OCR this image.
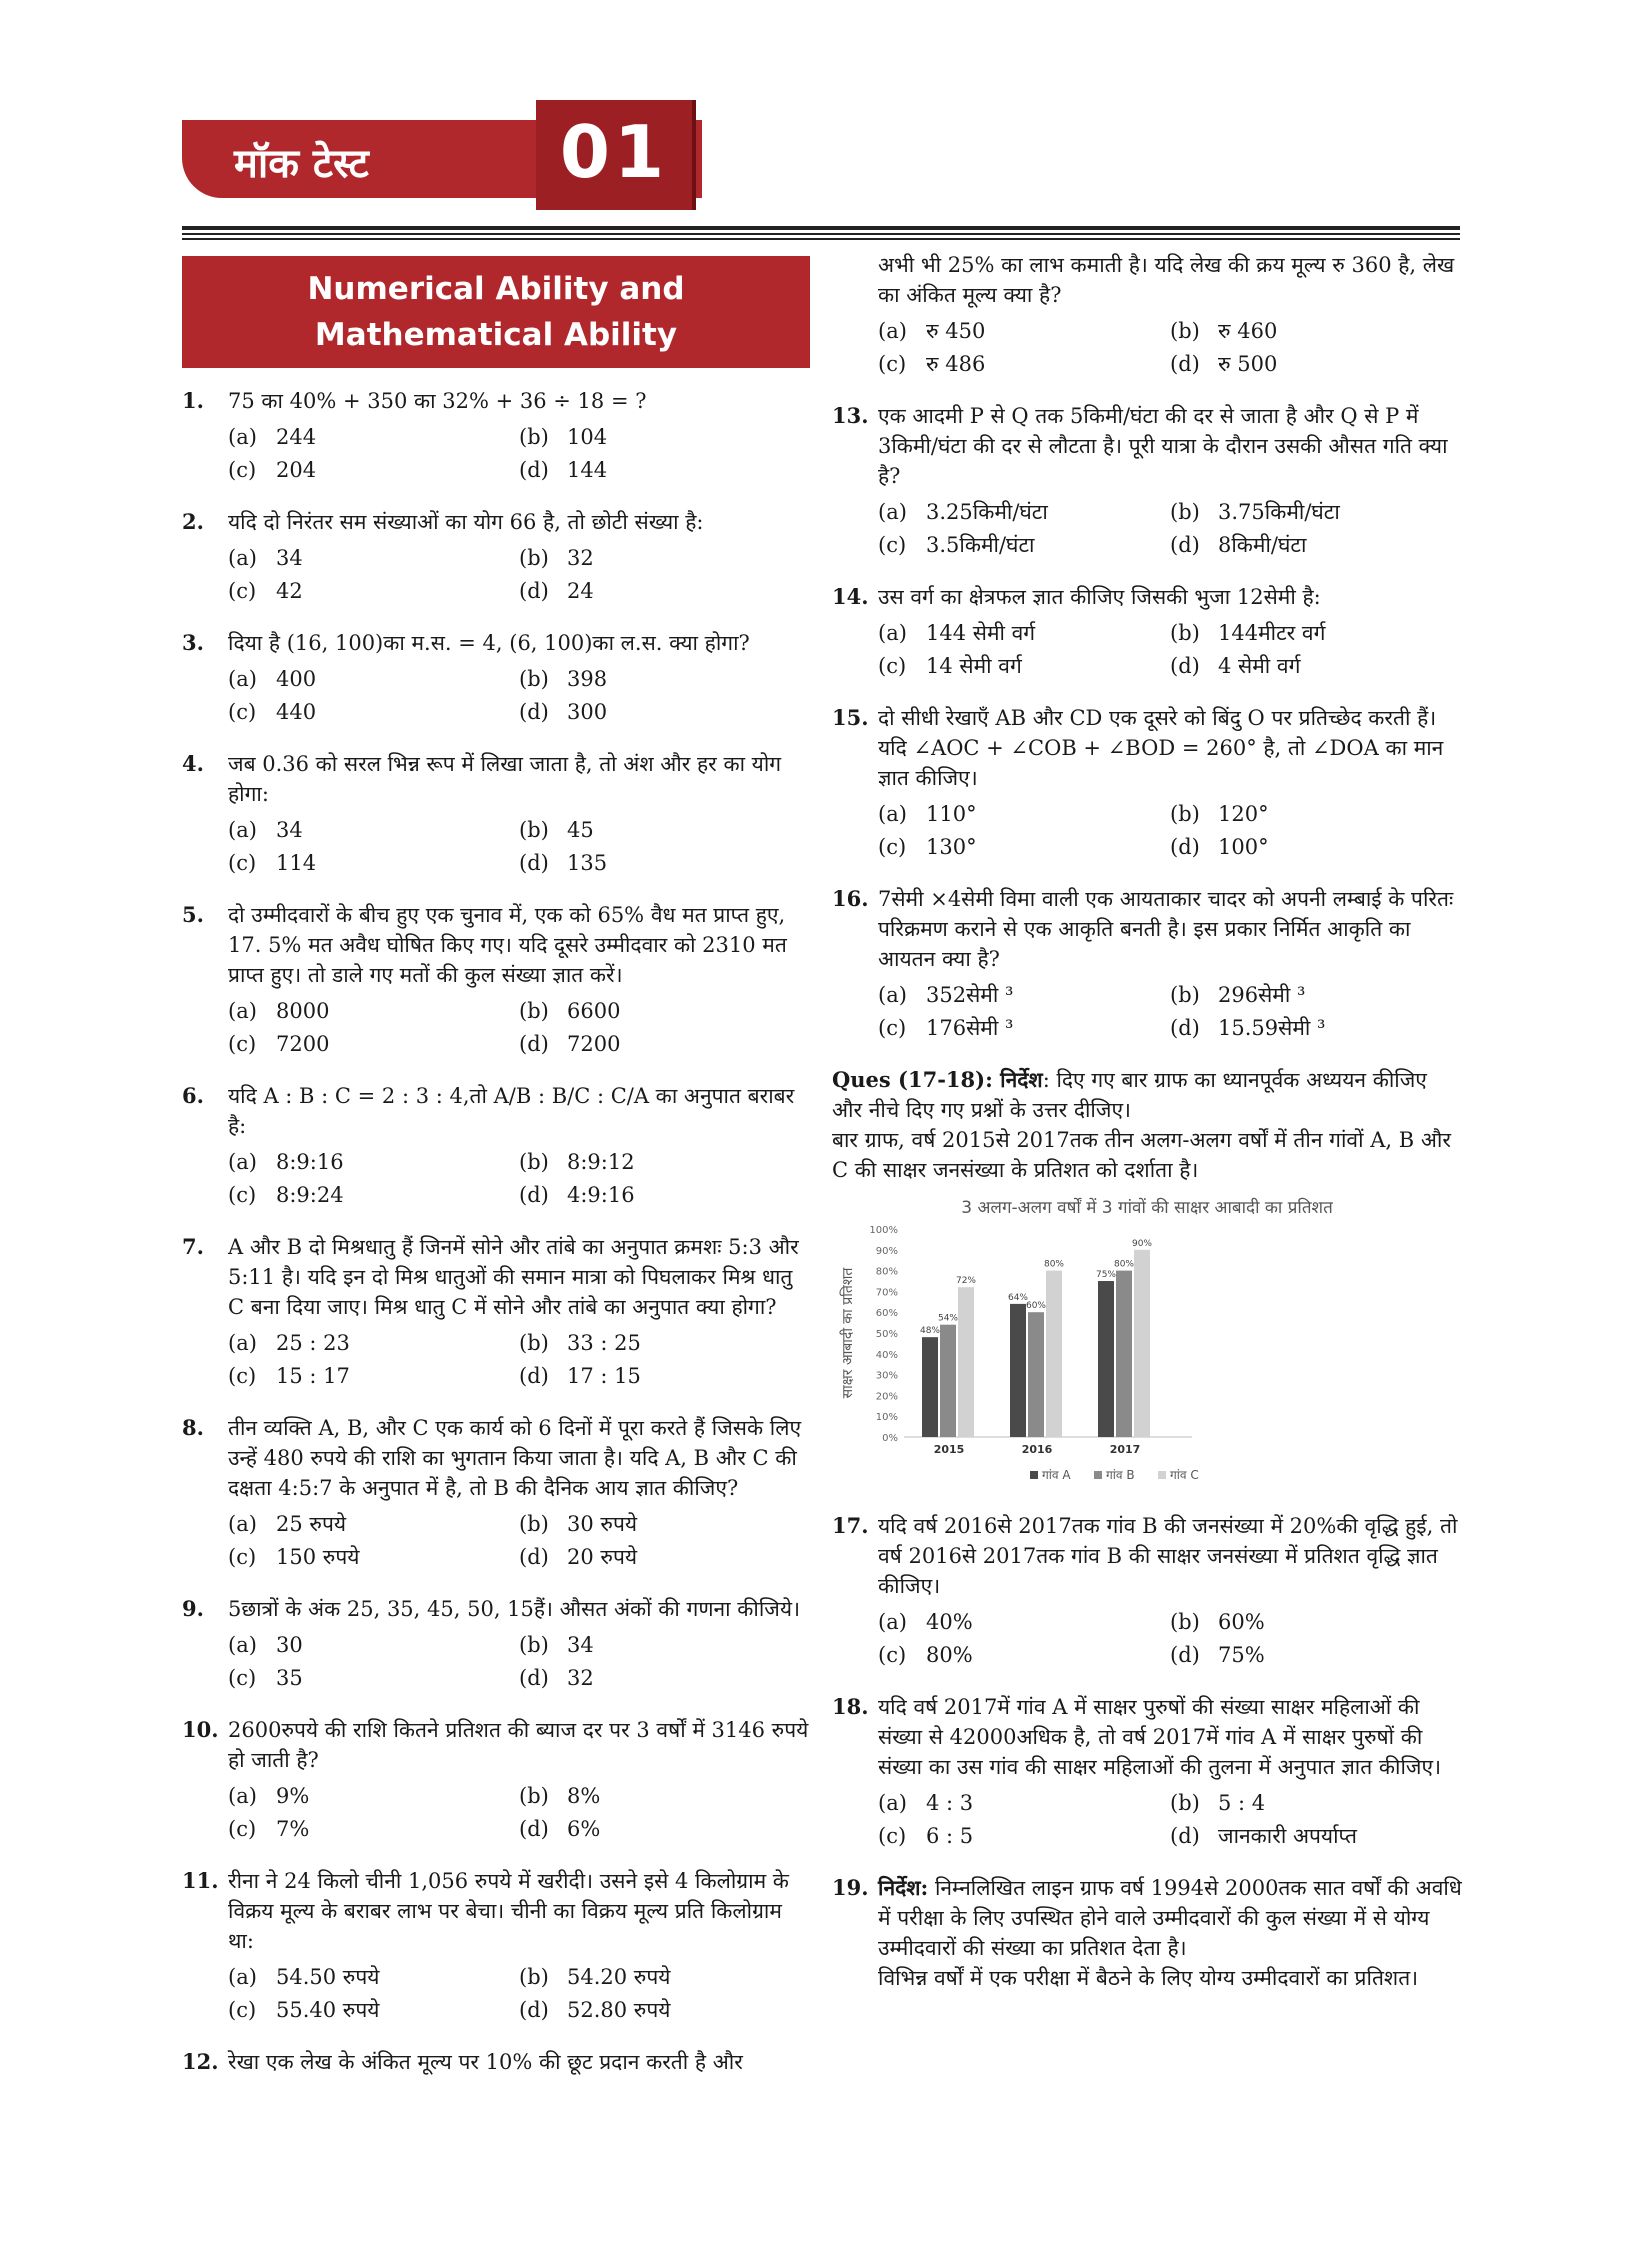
मॉक टेस्ट	01
Numerical Ability and Mathematical Ability
1. 75 का 40% + 350 का 32% + 36 ÷ 18 = ?
(a) 244	(b) 104
(c) 204	(d) 144
2. यदि दो निरंतर सम संख्याओं का योग 66 है, तो छोटी संख्या है:
(a) 34	(b) 32
(c) 42	(d) 24
3. दिया है (16, 100)का म.स. = 4, (6, 100)का ल.स. क्या होगा?
(a) 400	(b) 398
(c) 440	(d) 300
4. जब 0.36 को सरल भिन्न रूप में लिखा जाता है, तो अंश और हर का योग होगा:
(a) 34	(b) 45
(c) 114	(d) 135
5. दो उम्मीदवारों के बीच हुए एक चुनाव में, एक को 65% वैध मत प्राप्त हुए, 17. 5% मत अवैध घोषित किए गए। यदि दूसरे उम्मीदवार को 2310 मत प्राप्त हुए। तो डाले गए मतों की कुल संख्या ज्ञात करें।
(a) 8000	(b) 6600
(c) 7200	(d) 7200
6. यदि A : B : C = 2 : 3 : 4,तो A/B : B/C : C/A का अनुपात बराबर है:
(a) 8:9:16	(b) 8:9:12
(c) 8:9:24	(d) 4:9:16
7. A और B दो मिश्रधातु हैं जिनमें सोने और तांबे का अनुपात क्रमशः 5:3 और 5:11 है। यदि इन दो मिश्र धातुओं की समान मात्रा को पिघलाकर मिश्र धातु C बना दिया जाए। मिश्र धातु C में सोने और तांबे का अनुपात क्या होगा?
(a) 25 : 23	(b) 33 : 25
(c) 15 : 17	(d) 17 : 15
8. तीन व्यक्ति A, B, और C एक कार्य को 6 दिनों में पूरा करते हैं जिसके लिए उन्हें 480 रुपये की राशि का भुगतान किया जाता है। यदि A, B और C की दक्षता 4:5:7 के अनुपात में है, तो B की दैनिक आय ज्ञात कीजिए?
(a) 25 रुपये	(b) 30 रुपये
(c) 150 रुपये	(d) 20 रुपये
9. 5छात्रों के अंक 25, 35, 45, 50, 15हैं। औसत अंकों की गणना कीजिये।
(a) 30	(b) 34
(c) 35	(d) 32
10. 2600रुपये की राशि कितने प्रतिशत की ब्याज दर पर 3 वर्षों में 3146 रुपये हो जाती है?
(a) 9%	(b) 8%
(c) 7%	(d) 6%
11. रीना ने 24 किलो चीनी 1,056 रुपये में खरीदी। उसने इसे 4 किलोग्राम के विक्रय मूल्य के बराबर लाभ पर बेचा। चीनी का विक्रय मूल्य प्रति किलोग्राम था:
(a) 54.50 रुपये	(b) 54.20 रुपये
(c) 55.40 रुपये	(d) 52.80 रुपये
12. रेखा एक लेख के अंकित मूल्य पर 10% की छूट प्रदान करती है और
अभी भी 25% का लाभ कमाती है। यदि लेख की क्रय मूल्य रु 360 है, लेख का अंकित मूल्य क्या है?
(a) रु 450	(b) रु 460
(c) रु 486	(d) रु 500
13. एक आदमी P से Q तक 5किमी/घंटा की दर से जाता है और Q से P में 3किमी/घंटा की दर से लौटता है। पूरी यात्रा के दौरान उसकी औसत गति क्या है?
(a) 3.25किमी/घंटा	(b) 3.75किमी/घंटा
(c) 3.5किमी/घंटा	(d) 8किमी/घंटा
14. उस वर्ग का क्षेत्रफल ज्ञात कीजिए जिसकी भुजा 12सेमी है:
(a) 144 सेमी वर्ग	(b) 144मीटर वर्ग
(c) 14 सेमी वर्ग	(d) 4 सेमी वर्ग
15. दो सीधी रेखाएँ AB और CD एक दूसरे को बिंदु O पर प्रतिच्छेद करती हैं। यदि ∠AOC + ∠COB + ∠BOD = 260° है, तो ∠DOA का मान ज्ञात कीजिए।
(a) 110°	(b) 120°
(c) 130°	(d) 100°
16. 7सेमी ×4सेमी विमा वाली एक आयताकार चादर को अपनी लम्बाई के परितः परिक्रमण कराने से एक आकृति बनती है। इस प्रकार निर्मित आकृति का आयतन क्या है?
(a) 352सेमी ³	(b) 296सेमी ³
(c) 176सेमी ³	(d) 15.59सेमी ³
Ques (17-18): निर्देश: दिए गए बार ग्राफ का ध्यानपूर्वक अध्ययन कीजिए और नीचे दिए गए प्रश्नों के उत्तर दीजिए।
बार ग्राफ, वर्ष 2015से 2017तक तीन अलग-अलग वर्षों में तीन गांवों A, B और C की साक्षर जनसंख्या के प्रतिशत को दर्शाता है।
3 अलग-अलग वर्षों में 3 गांवों की साक्षर आबादी का प्रतिशत
साक्षर आबादी का प्रतिशत
0%
10%
20%
30%
40%
50%
60%
70%
80%
90%
100%
48%
54%
72%
2015
64%
60%
80%
2016
75%
80%
90%
2017
गांव A	गांव B	गांव C
17. यदि वर्ष 2016से 2017तक गांव B की जनसंख्या में 20%की वृद्धि हुई, तो वर्ष 2016से 2017तक गांव B की साक्षर जनसंख्या में प्रतिशत वृद्धि ज्ञात कीजिए।
(a) 40%	(b) 60%
(c) 80%	(d) 75%
18. यदि वर्ष 2017में गांव A में साक्षर पुरुषों की संख्या साक्षर महिलाओं की संख्या से 42000अधिक है, तो वर्ष 2017में गांव A में साक्षर पुरुषों की संख्या का उस गांव की साक्षर महिलाओं की तुलना में अनुपात ज्ञात कीजिए।
(a) 4 : 3	(b) 5 : 4
(c) 6 : 5	(d) जानकारी अपर्याप्त
19. निर्देश: निम्नलिखित लाइन ग्राफ वर्ष 1994से 2000तक सात वर्षों की अवधि में परीक्षा के लिए उपस्थित होने वाले उम्मीदवारों की कुल संख्या में से योग्य उम्मीदवारों की संख्या का प्रतिशत देता है।
विभिन्न वर्षों में एक परीक्षा में बैठने के लिए योग्य उम्मीदवारों का प्रतिशत।
